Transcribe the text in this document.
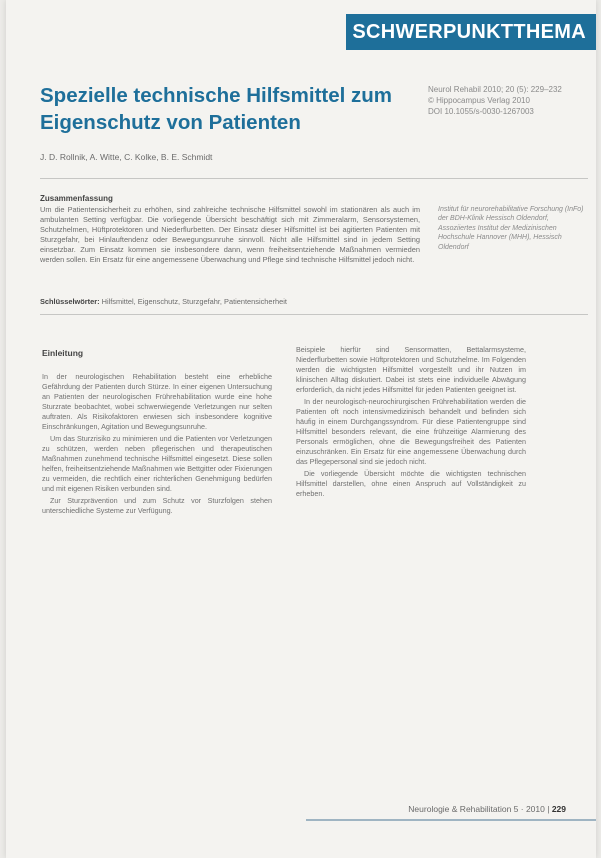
SCHWERPUNKTTHEMA
Spezielle technische Hilfsmittel zum Eigenschutz von Patienten
Neurol Rehabil 2010; 20 (5): 229–232
© Hippocampus Verlag 2010
DOI 10.1055/s-0030-1267003
J. D. Rollnik, A. Witte, C. Kolke, B. E. Schmidt
Zusammenfassung
Um die Patientensicherheit zu erhöhen, sind zahlreiche technische Hilfsmittel sowohl im stationären als auch im ambulanten Setting verfügbar. Die vorliegende Übersicht beschäftigt sich mit Zimmeralarm, Sensorsystemen, Schutzhelmen, Hüftprotektoren und Niederflurbetten. Der Einsatz dieser Hilfsmittel ist bei agitierten Patienten mit Sturzgefahr, bei Hinlauftendenz oder Bewegungsunruhe sinnvoll. Nicht alle Hilfsmittel sind in jedem Setting einsetzbar. Zum Einsatz kommen sie insbesondere dann, wenn freiheitsentziehende Maßnahmen vermieden werden sollen. Ein Ersatz für eine angemessene Überwachung und Pflege sind technische Hilfsmittel jedoch nicht.
Schlüsselwörter: Hilfsmittel, Eigenschutz, Sturzgefahr, Patientensicherheit
Institut für neurorehabilitative Forschung (InFo) der BDH-Klinik Hessisch Oldendorf, Assoziiertes Institut der Medizinischen Hochschule Hannover (MHH), Hessisch Oldendorf
Einleitung

In der neurologischen Rehabilitation besteht eine erhebliche Gefährdung der Patienten durch Stürze. In einer eigenen Untersuchung an Patienten der neurologischen Frührehabilitation wurde eine hohe Sturzrate beobachtet, wobei schwerwiegende Verletzungen nur selten auftraten. Als Risikofaktoren erwiesen sich insbesondere kognitive Einschränkungen, Agitation und Bewegungsunruhe.

Um das Sturzrisiko zu minimieren und die Patienten vor Verletzungen zu schützen, werden neben pflegerischen und therapeutischen Maßnahmen zunehmend technische Hilfsmittel eingesetzt. Diese sollen helfen, freiheitsentziehende Maßnahmen wie Bettgitter oder Fixierungen zu vermeiden, die rechtlich einer richterlichen Genehmigung bedürfen und mit eigenen Risiken verbunden sind.

Zur Sturzprävention und zum Schutz vor Sturzfolgen stehen unterschiedliche Systeme zur Verfügung.

Beispiele hierfür sind Sensormatten, Bettalarmsysteme, Niederflurbetten sowie Hüftprotektoren und Schutzhelme. Im Folgenden werden die wichtigsten Hilfsmittel vorgestellt und ihr Nutzen im klinischen Alltag diskutiert. Dabei ist stets eine individuelle Abwägung erforderlich, da nicht jedes Hilfsmittel für jeden Patienten geeignet ist.

In der neurologisch-neurochirurgischen Frührehabilitation werden die Patienten oft noch intensivmedizinisch behandelt und befinden sich häufig in einem Durchgangssyndrom. Für diese Patientengruppe sind Hilfsmittel besonders relevant, die eine frühzeitige Alarmierung des Personals ermöglichen, ohne die Bewegungsfreiheit des Patienten einzuschränken. Ein Ersatz für eine angemessene Überwachung durch das Pflegepersonal sind sie jedoch nicht.

Die vorliegende Übersicht möchte die wichtigsten technischen Hilfsmittel darstellen, ohne einen Anspruch auf Vollständigkeit zu erheben.

Neurologie & Rehabilitation 5 · 2010 | 229
